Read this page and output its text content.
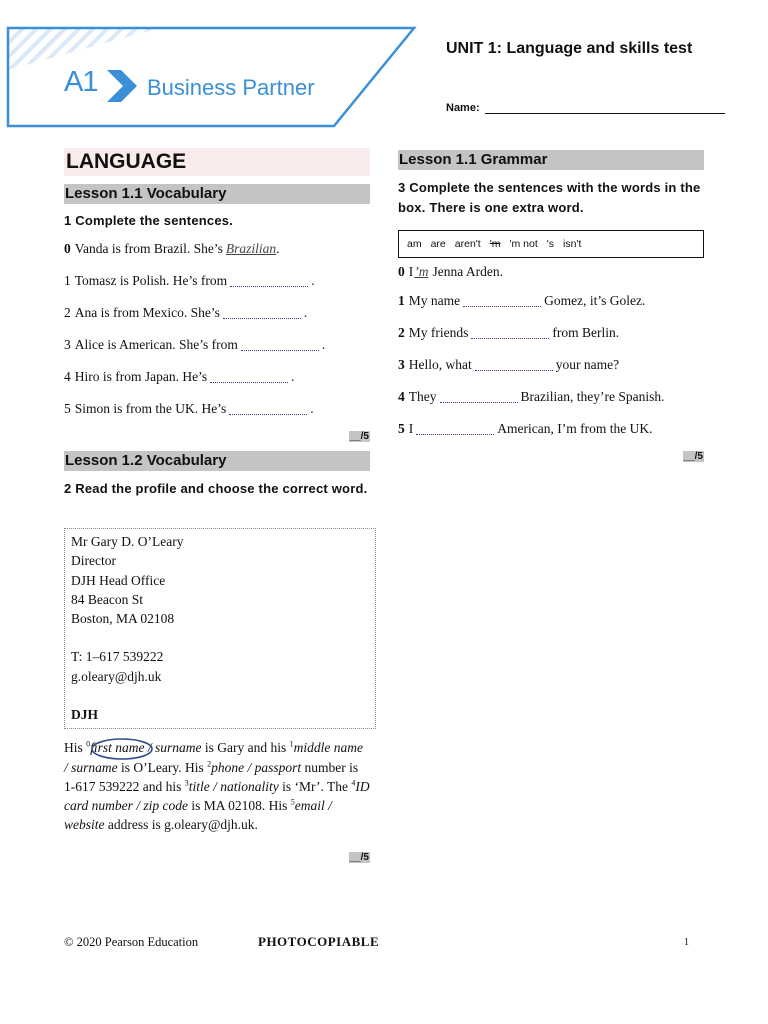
A1 Business Partner
UNIT 1: Language and skills test
Name:
LANGUAGE
Lesson 1.1 Vocabulary
1 Complete the sentences.
0 Vanda is from Brazil. She’s Brazilian .
1 Tomasz is Polish. He’s from	.
2 Ana is from Mexico. She’s	.
3 Alice is American. She’s from	.
4 Hiro is from Japan. He’s	.
5 Simon is from the UK. He’s	.
__/5
Lesson 1.2 Vocabulary
2 Read the profile and choose the correct word.
Mr Gary D. O’Leary
Director
DJH Head Office
84 Beacon St
Boston, MA 02108
T: 1–617 539222
g.oleary@djh.uk
DJH
His $^0$first name / surname is Gary and his $^1$middle name / surname is O’Leary. His $^2$phone / passport number is 1-617 539222 and his $^3$title / nationality is ‘Mr’. The $^4$ID card number / zip code is MA 02108. His $^5$email / website address is g.oleary@djh.uk.
__/5
Lesson 1.1 Grammar
3 Complete the sentences with the words in the box. There is one extra word.
am are aren't 'm 'm not 's isn't
0 I ’m Jenna Arden.
1 My name	Gomez, it’s Golez.
2 My friends	from Berlin.
3 Hello, what	your name?
4 They	Brazilian, they’re Spanish.
5 I	American, I’m from the UK.
__/5
© 2020 Pearson Education	PHOTOCOPIABLE	1
